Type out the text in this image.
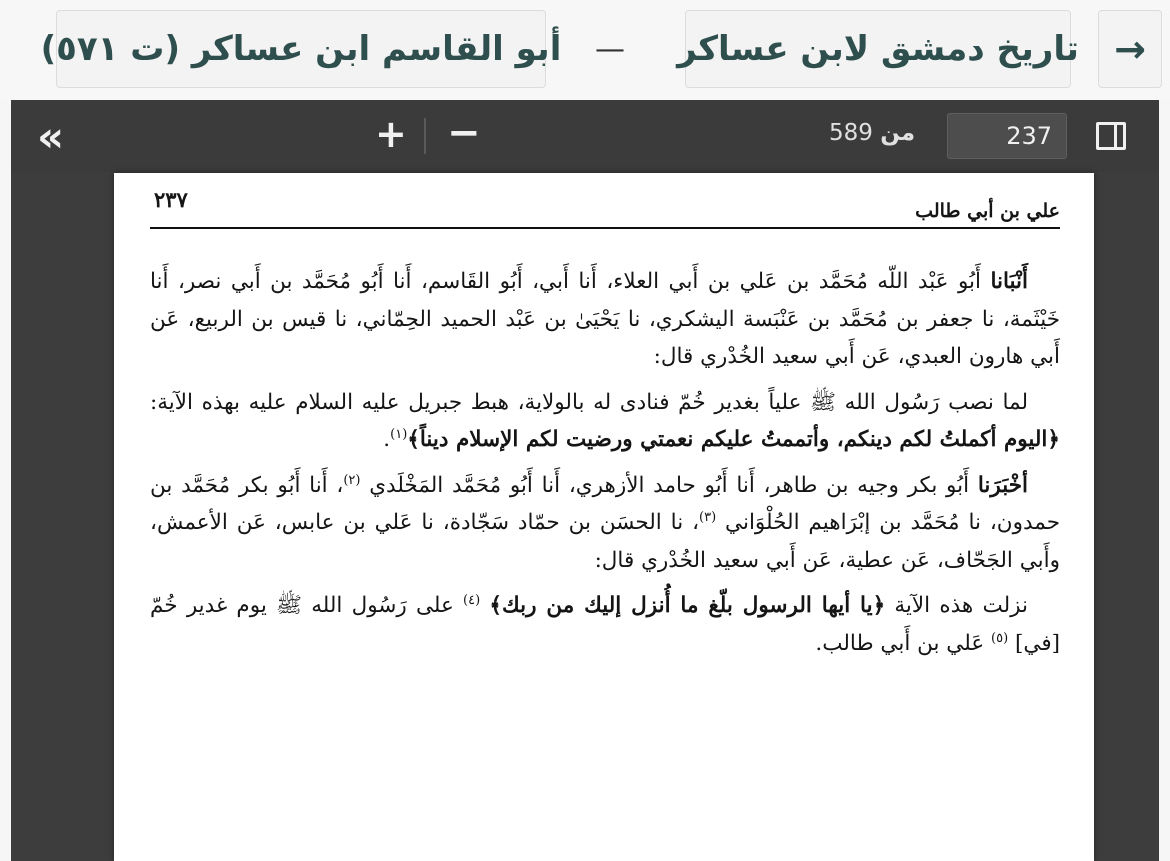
→
تاريخ دمشق لابن عساكر
—
أبو القاسم ابن عساكر (ت ٥٧١)
«	+ −	من 589
237
علي بن أبي طالب
٢٣٧

أَنْبَانا أَبُو عَبْد اللّه مُحَمَّد بن عَلي بن أَبي العلاء، أَنا أَبي، أَبُو القَاسم، أَنا أَبُو مُحَمَّد بن أَبي نصر، أَنا خَيْثَمة، نا جعفر بن مُحَمَّد بن عَنْبَسة اليشكري، نا يَحْيَىٰ بن عَبْد الحميد الحِمّاني، نا قيس بن الربيع، عَن أَبي هارون العبدي، عَن أَبي سعيد الخُدْري قال:

لما نصب رَسُول الله ﷺ علياً بغدير خُمّ فنادى له بالولاية، هبط جبريل عليه السلام عليه بهذه الآية: ﴿اليوم أكملتُ لكم دينكم، وأتممتُ عليكم نعمتي ورضيت لكم الإسلام ديناً﴾$^{(١)}$.

أخْبَرَنا أَبُو بكر وجيه بن طاهر، أَنا أَبُو حامد الأزهري، أَنا أَبُو مُحَمَّد المَخْلَدي $^{(٢)}$، أَنا أَبُو بكر مُحَمَّد بن حمدون، نا مُحَمَّد بن إبْرَاهيم الحُلْوَاني $^{(٣)}$، نا الحسَن بن حمّاد سَجّادة، نا عَلي بن عابس، عَن الأعمش، وأَبي الجَحّاف، عَن عطية، عَن أَبي سعيد الخُدْري قال:

نزلت هذه الآية ﴿يا أيها الرسول بلّغ ما أُنزل إليك من ربك﴾ $^{(٤)}$ على رَسُول الله ﷺ يوم غدير خُمّ [في] $^{(٥)}$ عَلي بن أَبي طالب.
